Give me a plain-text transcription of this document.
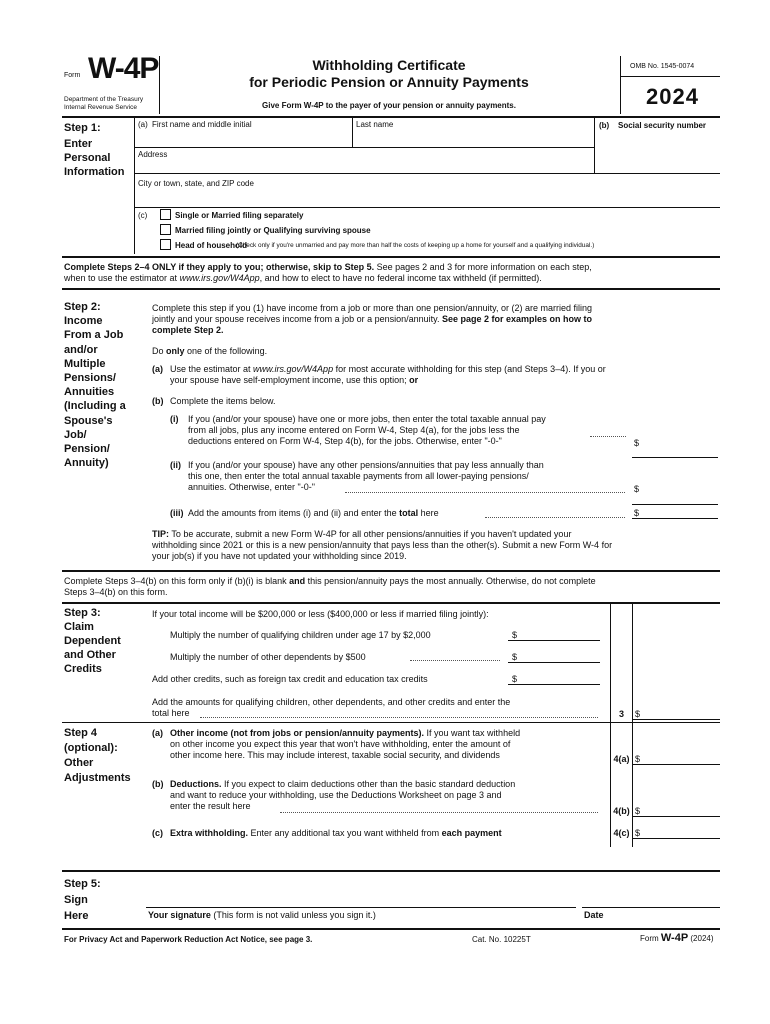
Form W-4P
Department of the Treasury
Internal Revenue Service
Withholding Certificate
for Periodic Pension or Annuity Payments
Give Form W-4P to the payer of your pension or annuity payments.
OMB No. 1545-0074
2024
Step 1:
Enter Personal Information
(a) First name and middle initial	Last name	(b) Social security number
Address
City or town, state, and ZIP code
(c)	Single or Married filing separately
Married filing jointly or Qualifying surviving spouse
Head of household
(Check only if you're unmarried and pay more than half the costs of keeping up a home for yourself and a qualifying individual.)
Complete Steps 2–4 ONLY if they apply to you; otherwise, skip to Step 5. See pages 2 and 3 for more information on each step,
when to use the estimator at www.irs.gov/W4App, and how to elect to have no federal income tax withheld (if permitted).
Step 2:
Income
From a Job
and/or
Multiple
Pensions/
Annuities
(Including a
Spouse's
Job/
Pension/
Annuity)
Complete this step if you (1) have income from a job or more than one pension/annuity, or (2) are married filing
jointly and your spouse receives income from a job or a pension/annuity. See page 2 for examples on how to
complete Step 2.
Do only one of the following.
(a) Use the estimator at www.irs.gov/W4App for most accurate withholding for this step (and Steps 3–4). If you or
your spouse have self-employment income, use this option; or
(b) Complete the items below.
(i) If you (and/or your spouse) have one or more jobs, then enter the total taxable annual pay
from all jobs, plus any income entered on Form W-4, Step 4(a), for the jobs less the
deductions entered on Form W-4, Step 4(b), for the jobs. Otherwise, enter "-0-"	$
(ii) If you (and/or your spouse) have any other pensions/annuities that pay less annually than
this one, then enter the total annual taxable payments from all lower-paying pensions/
annuities. Otherwise, enter "-0-"	$
(iii) Add the amounts from items (i) and (ii) and enter the total here	$
TIP: To be accurate, submit a new Form W-4P for all other pensions/annuities if you haven't updated your
withholding since 2021 or this is a new pension/annuity that pays less than the other(s). Submit a new Form W-4 for
your job(s) if you have not updated your withholding since 2019.
Complete Steps 3–4(b) on this form only if (b)(i) is blank and this pension/annuity pays the most annually. Otherwise, do not complete
Steps 3–4(b) on this form.
Step 3:
Claim
Dependent
and Other
Credits
If your total income will be $200,000 or less ($400,000 or less if married filing jointly):
Multiply the number of qualifying children under age 17 by $2,000	$
Multiply the number of other dependents by $500	$
Add other credits, such as foreign tax credit and education tax credits	$
Add the amounts for qualifying children, other dependents, and other credits and enter the
total here	3	$
Step 4
(optional):
Other
Adjustments
(a) Other income (not from jobs or pension/annuity payments). If you want tax withheld
on other income you expect this year that won't have withholding, enter the amount of
other income here. This may include interest, taxable social security, and dividends	4(a) $
(b) Deductions. If you expect to claim deductions other than the basic standard deduction
and want to reduce your withholding, use the Deductions Worksheet on page 3 and
enter the result here	4(b) $
(c) Extra withholding. Enter any additional tax you want withheld from each payment	4(c) $
Step 5:
Sign
Here	Your signature (This form is not valid unless you sign it.)	Date
For Privacy Act and Paperwork Reduction Act Notice, see page 3.	Cat. No. 10225T	Form W-4P (2024)
